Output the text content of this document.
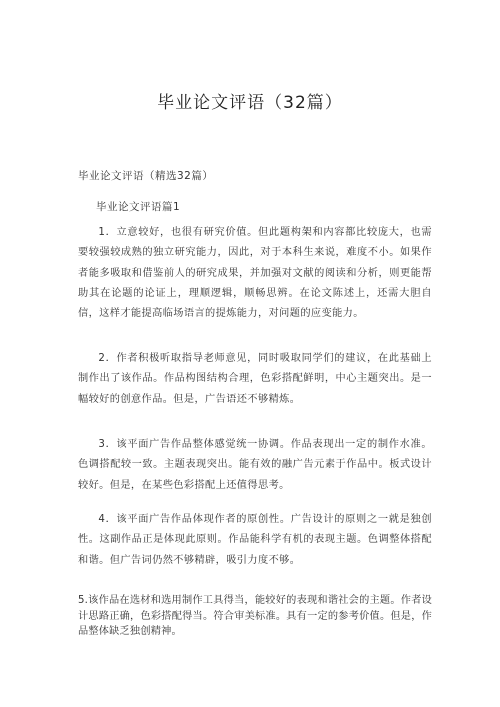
毕业论文评语（32篇）
毕业论文评语（精选32篇）
毕业论文评语篇1

1．立意较好，也很有研究价值。但此题构架和内容都比较庞大，也需要较强较成熟的独立研究能力，因此，对于本科生来说，难度不小。如果作者能多吸取和借鉴前人的研究成果，并加强对文献的阅读和分析，则更能帮助其在论题的论证上，理顺逻辑，顺畅思辨。在论文陈述上，还需大胆自信，这样才能提高临场语言的提炼能力，对问题的应变能力。

2．作者积极听取指导老师意见，同时吸取同学们的建议，在此基础上制作出了该作品。作品构图结构合理，色彩搭配鲜明，中心主题突出。是一幅较好的创意作品。但是，广告语还不够精炼。

3．该平面广告作品整体感觉统一协调。作品表现出一定的制作水准。色调搭配较一致。主题表现突出。能有效的融广告元素于作品中。板式设计较好。但是，在某些色彩搭配上还值得思考。

4．该平面广告作品体现作者的原创性。广告设计的原则之一就是独创性。这副作品正是体现此原则。作品能科学有机的表现主题。色调整体搭配和谐。但广告词仍然不够精辟，吸引力度不够。

5.该作品在选材和选用制作工具得当，能较好的表现和谐社会的主题。作者设计思路正确，色彩搭配得当。符合审美标准。具有一定的参考价值。但是，作品整体缺乏独创精神。
